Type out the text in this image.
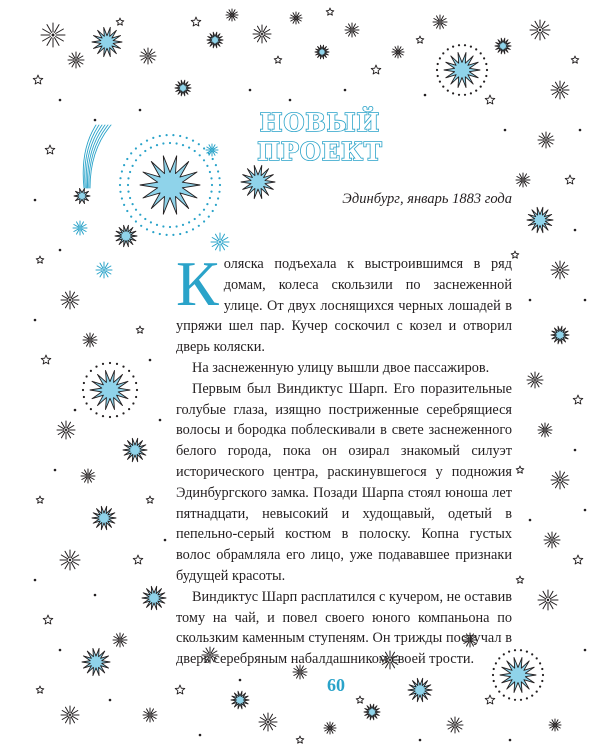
НОВЫЙ ПРОЕКТ
Эдинбург, январь 1883 года

Коляска подъехала к выстроившимся в ряд домам, колеса скользили по заснеженной улице. От двух лоснящихся черных лошадей в упряжи шел пар. Кучер соскочил с козел и отворил дверь коляски.

На заснеженную улицу вышли двое пассажиров.

Первым был Виндиктус Шарп. Его поразительные голубые глаза, изящно постриженные серебрящиеся волосы и бородка поблескивали в свете заснеженного белого города, пока он озирал знакомый силуэт исторического центра, раскинувшегося у подножия Эдинбургского замка. Позади Шарпа стоял юноша лет пятнадцати, невысокий и худощавый, одетый в пепельно-серый костюм в полоску. Копна густых волос обрамляла его лицо, уже подававшее признаки будущей красоты.

Виндиктус Шарп расплатился с кучером, не оставив тому на чай, и повел своего юного компаньона по скользким каменным ступеням. Он трижды постучал в дверь серебряным набалдашником своей трости.

60
